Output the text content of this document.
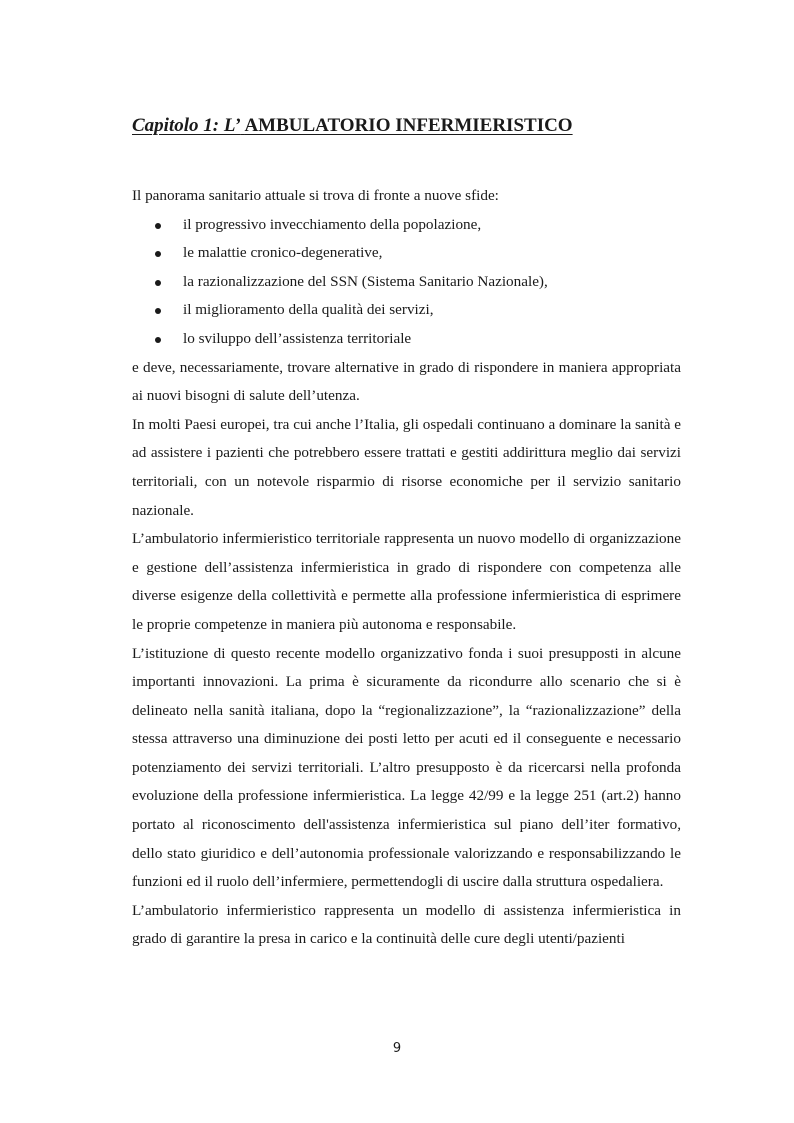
Capitolo 1: L’ AMBULATORIO INFERMIERISTICO

Il panorama sanitario attuale si trova di fronte a nuove sfide:

il progressivo invecchiamento della popolazione,
le malattie cronico-degenerative,
la razionalizzazione del SSN (Sistema Sanitario Nazionale),
il miglioramento della qualità dei servizi,
lo sviluppo dell’assistenza territoriale

e deve, necessariamente, trovare alternative in grado di rispondere in maniera appropriata ai nuovi bisogni di salute dell’utenza.

In molti Paesi europei, tra cui anche l’Italia, gli ospedali continuano a dominare la sanità e ad assistere i pazienti che potrebbero essere trattati e gestiti addirittura meglio dai servizi territoriali, con un notevole risparmio di risorse economiche per il servizio sanitario nazionale.

L’ambulatorio infermieristico territoriale rappresenta un nuovo modello di organizzazione e gestione dell’assistenza infermieristica in grado di rispondere con competenza alle diverse esigenze della collettività e permette alla professione infermieristica di esprimere le proprie competenze in maniera più autonoma e responsabile.

L’istituzione di questo recente modello organizzativo fonda i suoi presupposti in alcune importanti innovazioni. La prima è sicuramente da ricondurre allo scenario che si è delineato nella sanità italiana, dopo la “regionalizzazione”, la “razionalizzazione” della stessa attraverso una diminuzione dei posti letto per acuti ed il conseguente e necessario potenziamento dei servizi territoriali. L’altro presupposto è da ricercarsi nella profonda evoluzione della professione infermieristica. La legge 42/99 e la legge 251 (art.2) hanno portato al riconoscimento dell'assistenza infermieristica sul piano dell’iter formativo, dello stato giuridico e dell’autonomia professionale valorizzando e responsabilizzando le funzioni ed il ruolo dell’infermiere, permettendogli di uscire dalla struttura ospedaliera.

L’ambulatorio infermieristico rappresenta un modello di assistenza infermieristica in grado di garantire la presa in carico e la continuità delle cure degli utenti/pazienti

9
